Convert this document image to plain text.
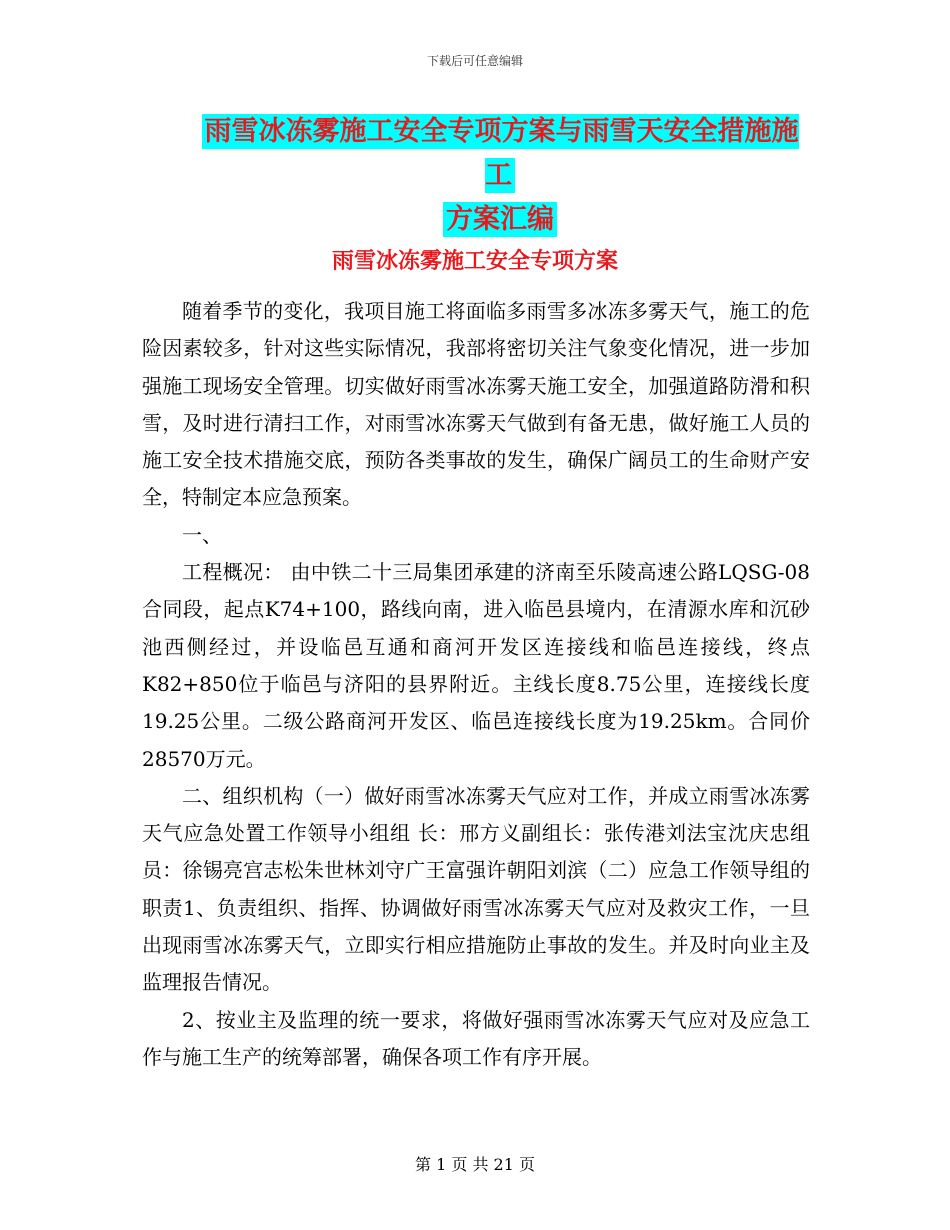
下载后可任意编辑
雨雪冰冻雾施工安全专项方案与雨雪天安全措施施工
方案汇编
雨雪冰冻雾施工安全专项方案

随着季节的变化，我项目施工将面临多雨雪多冰冻多雾天气，施工的危险因素较多，针对这些实际情况，我部将密切关注气象变化情况，进一步加强施工现场安全管理。切实做好雨雪冰冻雾天施工安全，加强道路防滑和积雪，及时进行清扫工作，对雨雪冰冻雾天气做到有备无患，做好施工人员的施工安全技术措施交底，预防各类事故的发生，确保广阔员工的生命财产安全，特制定本应急预案。

一、

工程概况： 由中铁二十三局集团承建的济南至乐陵高速公路LQSG-08合同段，起点K74+100，路线向南，进入临邑县境内，在清源水库和沉砂池西侧经过，并设临邑互通和商河开发区连接线和临邑连接线，终点K82+850位于临邑与济阳的县界附近。主线长度8.75公里，连接线长度19.25公里。二级公路商河开发区、临邑连接线长度为19.25km。合同价28570万元。

二、组织机构（一）做好雨雪冰冻雾天气应对工作，并成立雨雪冰冻雾天气应急处置工作领导小组组 长：邢方义副组长：张传港刘法宝沈庆忠组 员：徐锡亮宫志松朱世林刘守广王富强许朝阳刘滨（二）应急工作领导组的职责1、负责组织、指挥、协调做好雨雪冰冻雾天气应对及救灾工作，一旦出现雨雪冰冻雾天气，立即实行相应措施防止事故的发生。并及时向业主及监理报告情况。

2、按业主及监理的统一要求，将做好强雨雪冰冻雾天气应对及应急工作与施工生产的统筹部署，确保各项工作有序开展。

第 1 页 共 21 页
